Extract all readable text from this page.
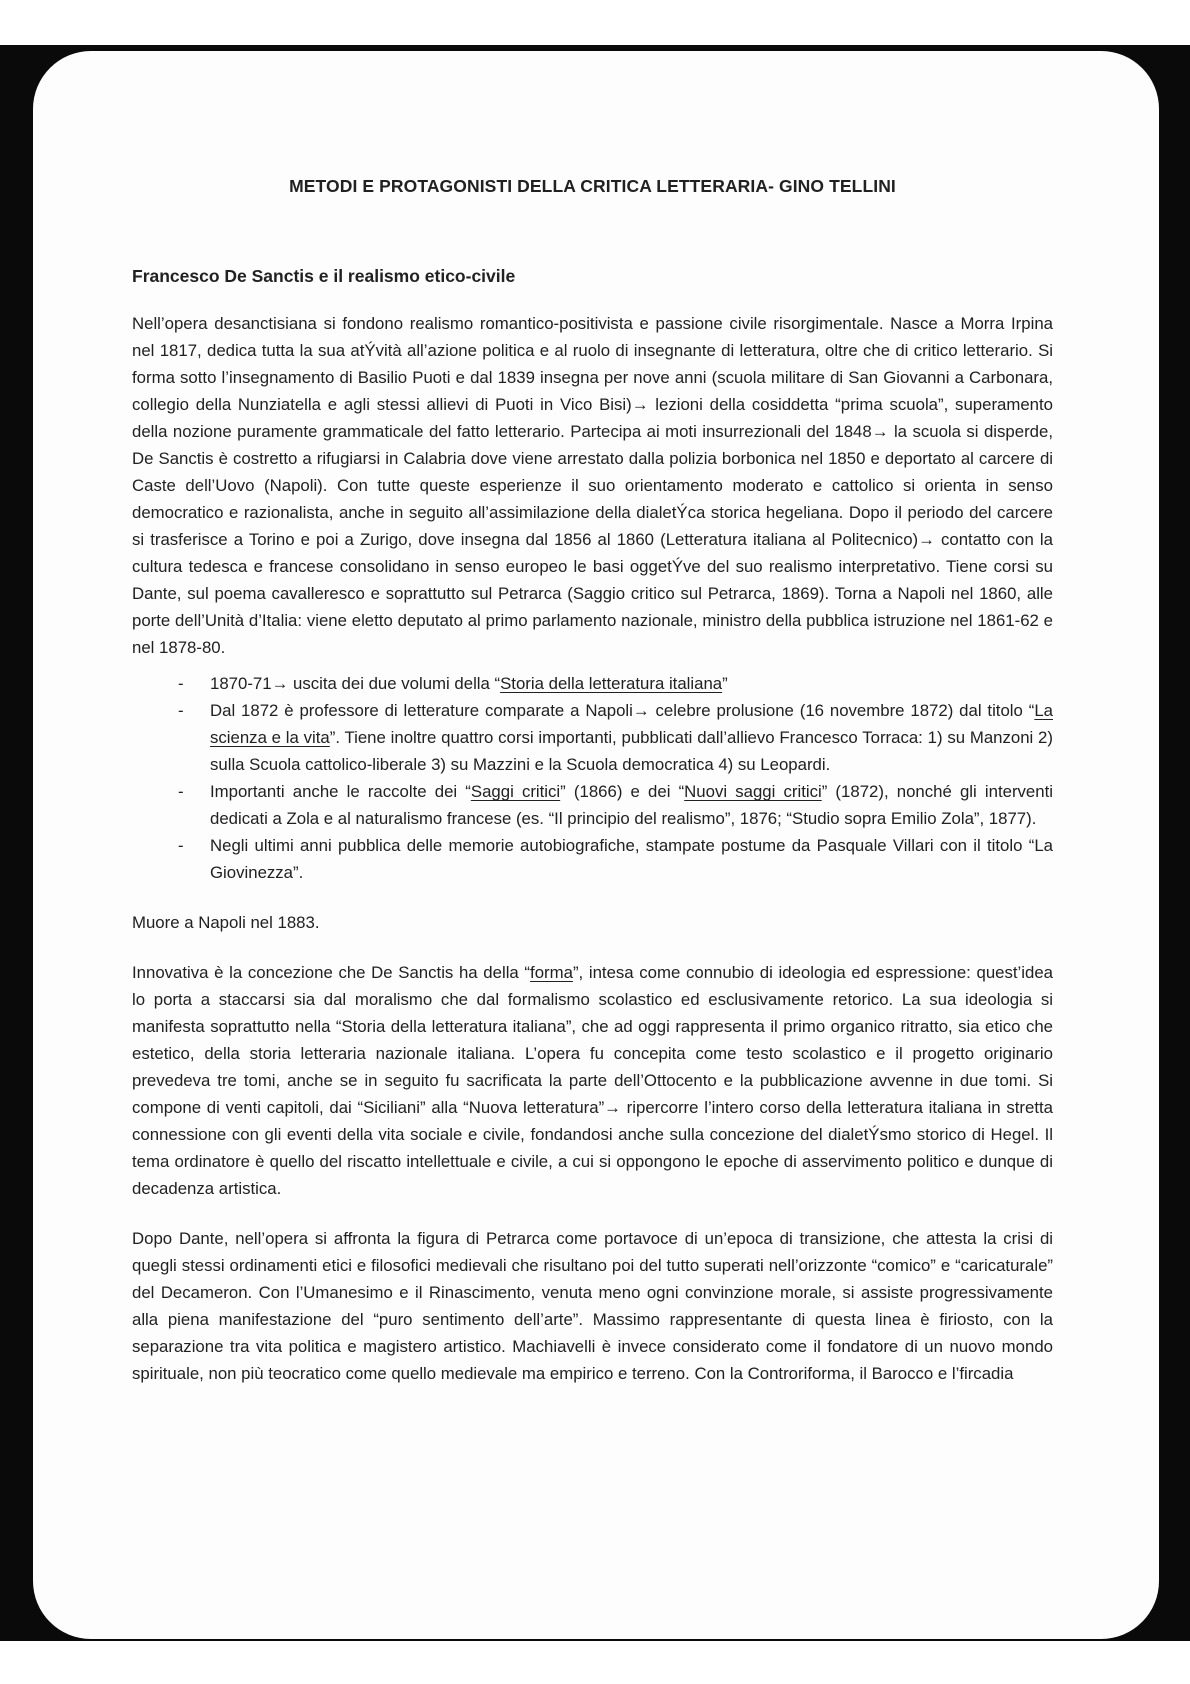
METODI E PROTAGONISTI DELLA CRITICA LETTERARIA- GINO TELLINI
Francesco De Sanctis e il realismo etico-civile

Nell’opera desanctisiana si fondono realismo romantico-positivista e passione civile risorgimentale. Nasce a Morra Irpina nel 1817, dedica tutta la sua atÝvità all’azione politica e al ruolo di insegnante di letteratura, oltre che di critico letterario. Si forma sotto l’insegnamento di Basilio Puoti e dal 1839 insegna per nove anni (scuola militare di San Giovanni a Carbonara, collegio della Nunziatella e agli stessi allievi di Puoti in Vico Bisi)→ lezioni della cosiddetta “prima scuola”, superamento della nozione puramente grammaticale del fatto letterario. Partecipa ai moti insurrezionali del 1848→ la scuola si disperde, De Sanctis è costretto a rifugiarsi in Calabria dove viene arrestato dalla polizia borbonica nel 1850 e deportato al carcere di Caste dell’Uovo (Napoli). Con tutte queste esperienze il suo orientamento moderato e cattolico si orienta in senso democratico e razionalista, anche in seguito all’assimilazione della dialetÝca storica hegeliana. Dopo il periodo del carcere si trasferisce a Torino e poi a Zurigo, dove insegna dal 1856 al 1860 (Letteratura italiana al Politecnico)→ contatto con la cultura tedesca e francese consolidano in senso europeo le basi oggetÝve del suo realismo interpretativo. Tiene corsi su Dante, sul poema cavalleresco e soprattutto sul Petrarca (Saggio critico sul Petrarca, 1869). Torna a Napoli nel 1860, alle porte dell’Unità d’Italia: viene eletto deputato al primo parlamento nazionale, ministro della pubblica istruzione nel 1861-62 e nel 1878-80.

- 1870-71→ uscita dei due volumi della “Storia della letteratura italiana”
- Dal 1872 è professore di letterature comparate a Napoli→ celebre prolusione (16 novembre 1872) dal titolo “La scienza e la vita”. Tiene inoltre quattro corsi importanti, pubblicati dall’allievo Francesco Torraca: 1) su Manzoni 2) sulla Scuola cattolico-liberale 3) su Mazzini e la Scuola democratica 4) su Leopardi.
- Importanti anche le raccolte dei “Saggi critici” (1866) e dei “Nuovi saggi critici” (1872), nonché gli interventi dedicati a Zola e al naturalismo francese (es. “Il principio del realismo”, 1876; “Studio sopra Emilio Zola”, 1877).
- Negli ultimi anni pubblica delle memorie autobiografiche, stampate postume da Pasquale Villari con il titolo “La Giovinezza”.

Muore a Napoli nel 1883.

Innovativa è la concezione che De Sanctis ha della “forma”, intesa come connubio di ideologia ed espressione: quest’idea lo porta a staccarsi sia dal moralismo che dal formalismo scolastico ed esclusivamente retorico. La sua ideologia si manifesta soprattutto nella “Storia della letteratura italiana”, che ad oggi rappresenta il primo organico ritratto, sia etico che estetico, della storia letteraria nazionale italiana. L’opera fu concepita come testo scolastico e il progetto originario prevedeva tre tomi, anche se in seguito fu sacrificata la parte dell’Ottocento e la pubblicazione avvenne in due tomi. Si compone di venti capitoli, dai “Siciliani” alla “Nuova letteratura”→ ripercorre l’intero corso della letteratura italiana in stretta connessione con gli eventi della vita sociale e civile, fondandosi anche sulla concezione del dialetÝsmo storico di Hegel. Il tema ordinatore è quello del riscatto intellettuale e civile, a cui si oppongono le epoche di asservimento politico e dunque di decadenza artistica.

Dopo Dante, nell’opera si affronta la figura di Petrarca come portavoce di un’epoca di transizione, che attesta la crisi di quegli stessi ordinamenti etici e filosofici medievali che risultano poi del tutto superati nell’orizzonte “comico” e “caricaturale” del Decameron. Con l’Umanesimo e il Rinascimento, venuta meno ogni convinzione morale, si assiste progressivamente alla piena manifestazione del “puro sentimento dell’arte”. Massimo rappresentante di questa linea è firiosto, con la separazione tra vita politica e magistero artistico. Machiavelli è invece considerato come il fondatore di un nuovo mondo spirituale, non più teocratico come quello medievale ma empirico e terreno. Con la Controriforma, il Barocco e l’fircadia
